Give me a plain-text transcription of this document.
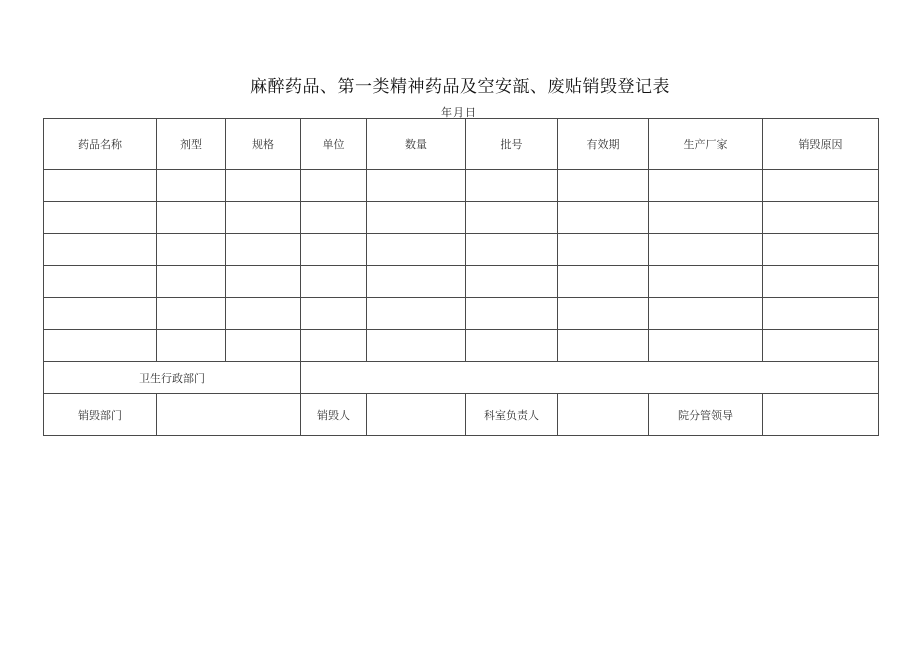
麻醉药品、第一类精神药品及空安瓿、废贴销毁登记表
年月日
药品名称	剂型	规格	单位	数量	批号	有效期	生产厂家	销毁原因

卫生行政部门								
销毁部门			销毁人		科室负责人		院分管领导	
